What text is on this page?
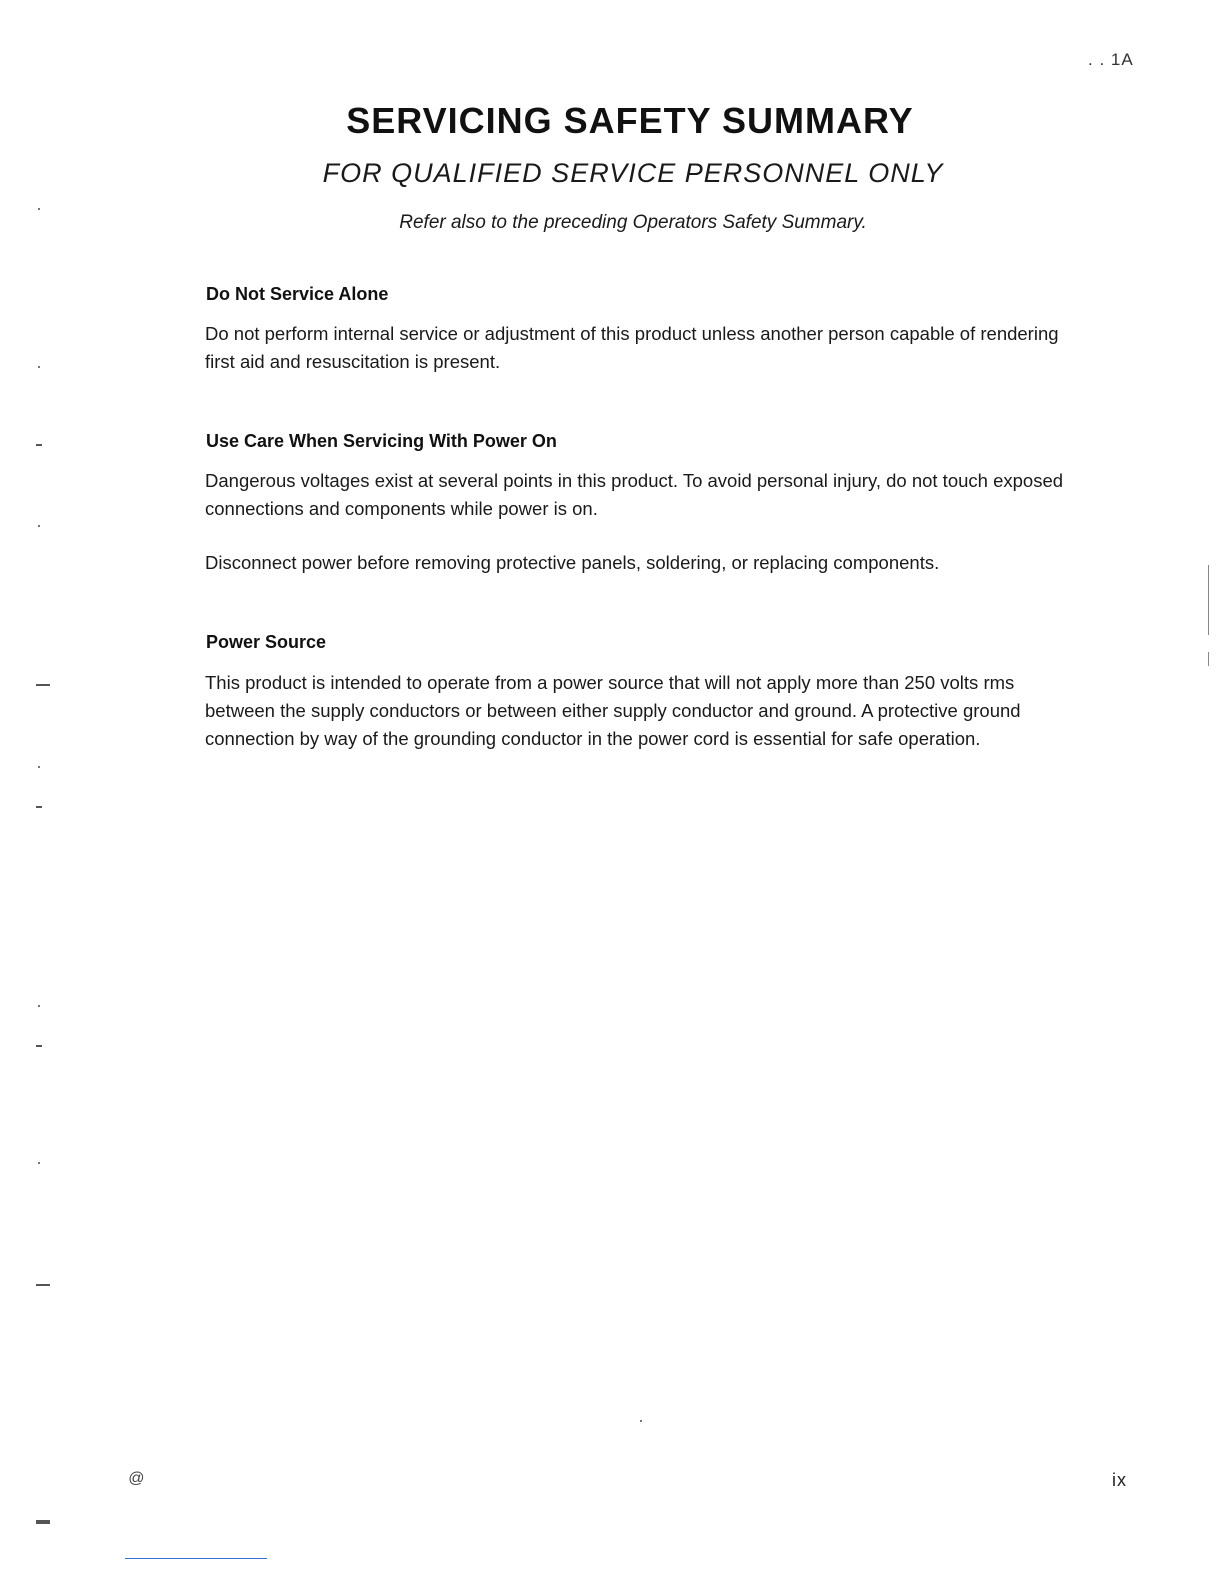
. . 1A
SERVICING SAFETY SUMMARY
FOR QUALIFIED SERVICE PERSONNEL ONLY
Refer also to the preceding Operators Safety Summary.
Do Not Service Alone
Do not perform internal service or adjustment of this product unless another person capable of rendering first aid and resuscitation is present.
Use Care When Servicing With Power On
Dangerous voltages exist at several points in this product. To avoid personal injury, do not touch exposed connections and components while power is on.
Disconnect power before removing protective panels, soldering, or replacing components.
Power Source
This product is intended to operate from a power source that will not apply more than 250 volts rms between the supply conductors or between either supply conductor and ground. A protective ground connection by way of the grounding conductor in the power cord is essential for safe operation.
@	ix
